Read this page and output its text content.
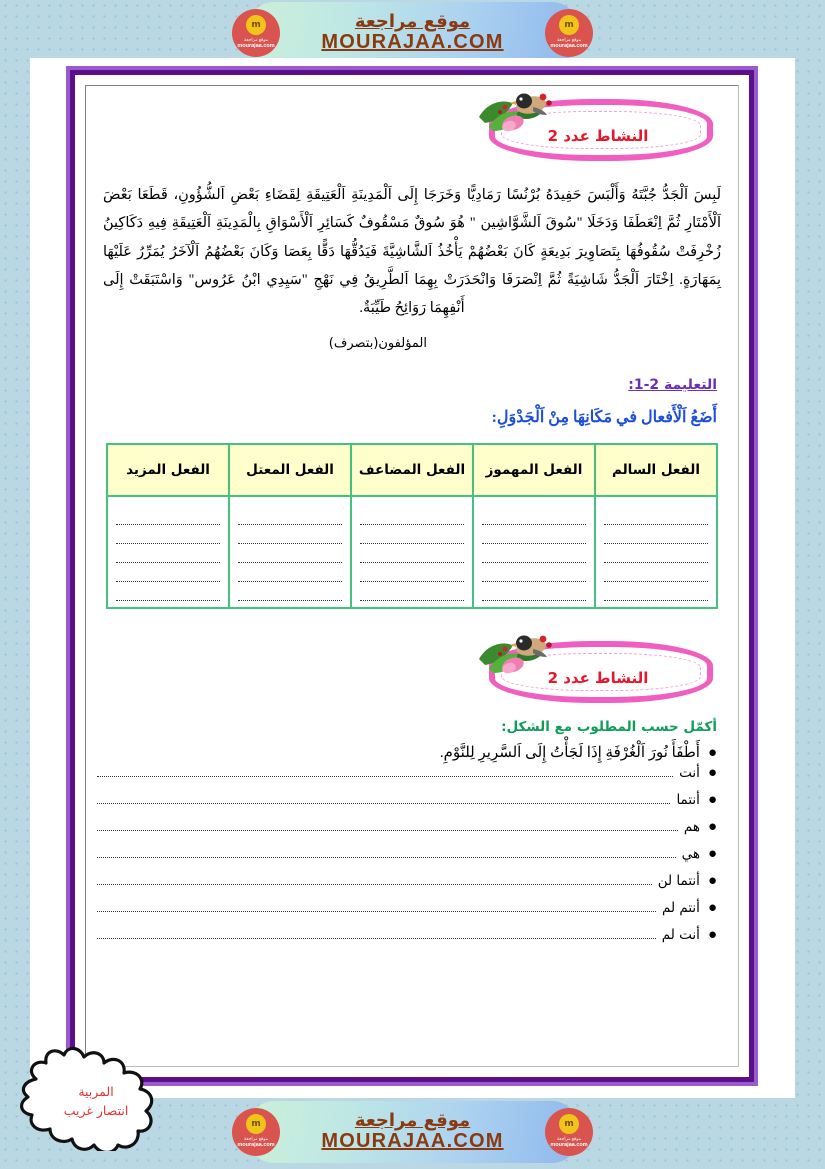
m
موقع مراجعة
mourajaa.com
موقع مراجعة
MOURAJAA.COM
m
موقع مراجعة
mourajaa.com
النشاط عدد 2
لَبِسَ اَلْجَدُّ جُبَّتَهُ وَأَلْبَسَ حَفِيدَهُ بُرْنُسًا رَمَادِيًّا وَخَرَجَا إِلَى اَلْمَدِينَةِ اَلْعَتِيقَةِ لِقَضَاءِ بَعْضِ اَلشُّؤُونِ، قَطَعَا بَعْضَ اَلْأَمْتَارِ ثُمَّ اِنْعَطَفَا وَدَخَلَا "سُوقَ اَلشَّوَّاشِين " هُوَ سُوقٌ مَسْقُوفٌ كَسَائِرِ اَلْأَسْوَاقِ بِالْمَدِينَةِ اَلْعَتِيقَةِ فِيهِ دَكَاكِينُ زُخْرِفَتْ سُقُوفُهَا بِتَصَاوِيرَ بَدِيعَةٍ كَانَ بَعْضُهُمْ يَأْخُذُ اَلشَّاشِيَّةَ فَيَدُقُّهَا دَقًّا بِعَصَا وَكَانَ بَعْضُهُمُ اَلْآخَرُ يُمَرِّرُ عَلَيْهَا بِمَهَارَةٍ. اِخْتَارَ اَلْجَدُّ شَاشِيَةً ثُمَّ اِنْصَرَفَا وَانْحَدَرَتْ بِهِمَا اَلطَّرِيقُ فِي نَهْجِ "سَيِدِي ابْنُ عَرُوس" وَاسْتَبَقَتْ إِلَى أَنْفِهِمَا رَوَائِحُ طَيِّبَةٌ.
المؤلفون(بتصرف)
التعليمة 2-1:
أَضَعُ اَلْأَفعال في مَكَانِهَا مِنْ اَلْجَدْوَلِ:
الفعل السالم	الفعل المهموز	الفعل المضاعف	الفعل المعتل	الفعل المزيد

النشاط عدد 2
أكمّل حسب المطلوب مع الشكل:
●
أَطْفَأَ نُورَ اَلْغُرْفَةِ إِذَا لَجَأْتُ إِلَى اَلسَّرِيرِ لِلنَّوْمِ.
●
أنت
●
أنتما
●
هم
●
هي
●
أنتما لن
●
أنتم لم
●
أنت لم
المربية
انتصار غريب
m
موقع مراجعة
mourajaa.com
موقع مراجعة
MOURAJAA.COM
m
موقع مراجعة
mourajaa.com
